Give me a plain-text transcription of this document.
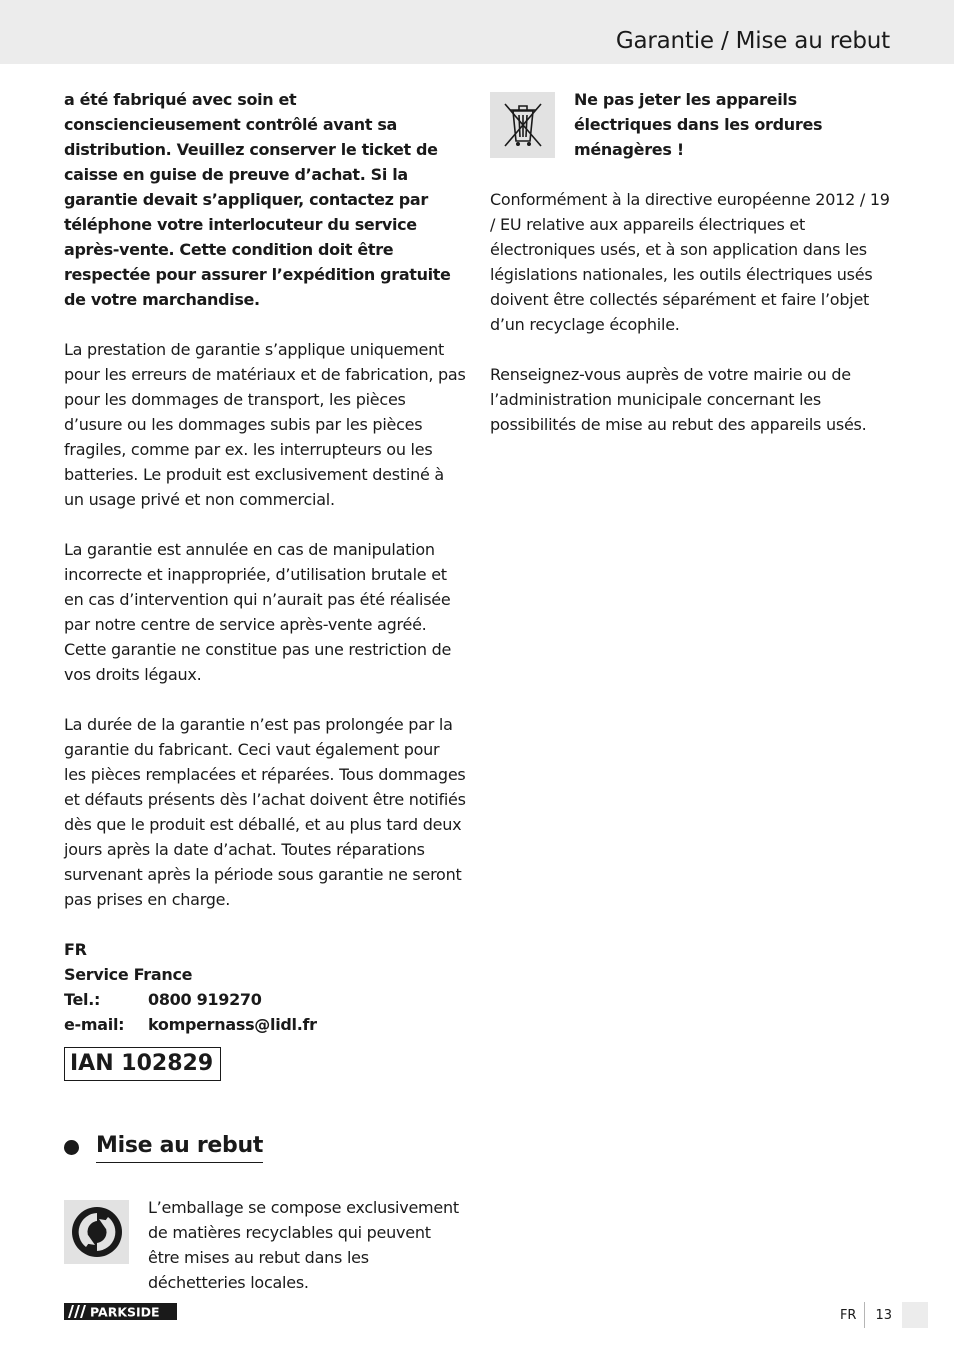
Garantie / Mise au rebut

a été fabriqué avec soin et consciencieusement contrôlé avant sa distribution. Veuillez conserver le ticket de caisse en guise de preuve d’achat. Si la garantie devait s’appliquer, contactez par téléphone votre interlocuteur du service après-vente. Cette condition doit être respectée pour assurer l’expédition gratuite de votre marchandise.

La prestation de garantie s’applique uniquement pour les erreurs de matériaux et de fabrication, pas pour les dommages de transport, les pièces d’usure ou les dommages subis par les pièces fragiles, comme par ex. les interrupteurs ou les batteries. Le produit est exclusivement destiné à un usage privé et non commercial.

La garantie est annulée en cas de manipulation incorrecte et inappropriée, d’utilisation brutale et en cas d’intervention qui n’aurait pas été réalisée par notre centre de service après-vente agréé. Cette garantie ne constitue pas une restriction de vos droits légaux.

La durée de la garantie n’est pas prolongée par la garantie du fabricant. Ceci vaut également pour les pièces remplacées et réparées. Tous dommages et défauts présents dès l’achat doivent être notifiés dès que le produit est déballé, et au plus tard deux jours après la date d’achat. Toutes réparations survenant après la période sous garantie ne seront pas prises en charge.

FR
Service France
Tel.:	0800 919270
e-mail:	kompernass@lidl.fr
IAN 102829
Mise au rebut
L’emballage se compose exclusivement de matières recyclables qui peuvent être mises au rebut dans les déchetteries locales.
Ne pas jeter les appareils électriques dans les ordures ménagères !

Conformément à la directive européenne 2012 / 19 / EU relative aux appareils électriques et électroniques usés, et à son application dans les législations nationales, les outils électriques usés doivent être collectés séparément et faire l’objet d’un recyclage écophile.

Renseignez-vous auprès de votre mairie ou de l’administration municipale concernant les possibilités de mise au rebut des appareils usés.

PARKSIDE	FR	13
